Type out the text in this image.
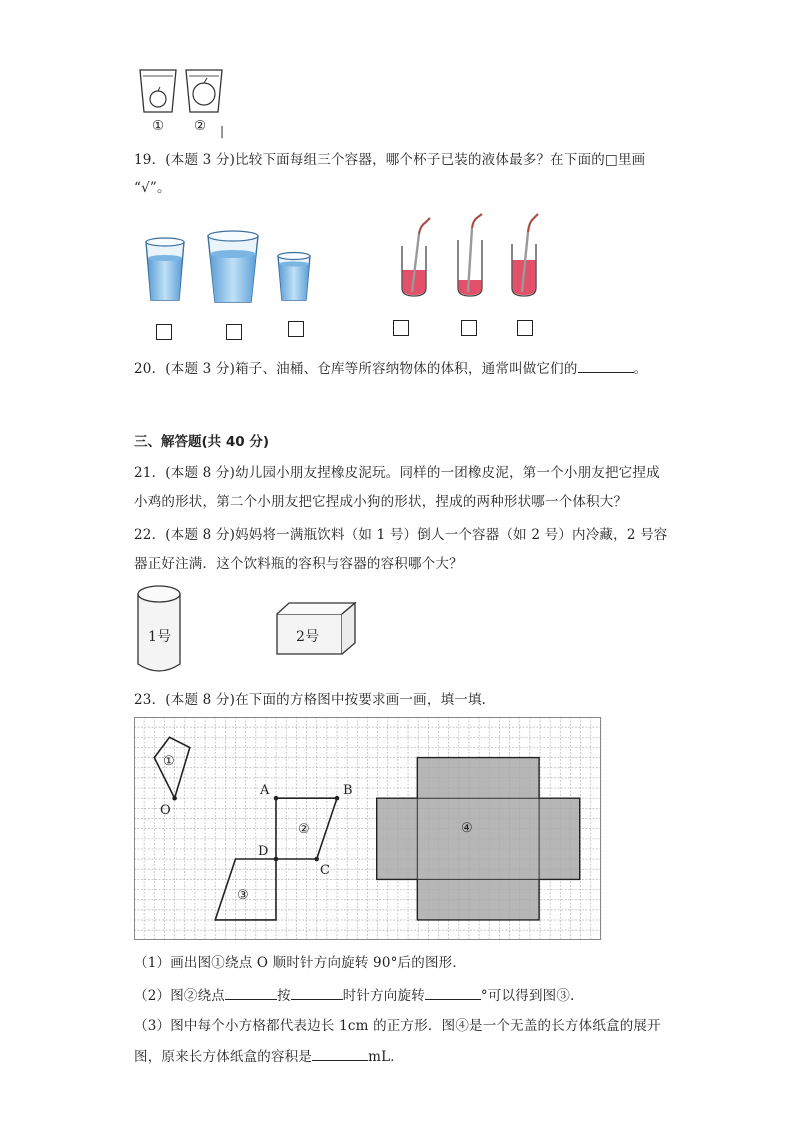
① ② |
19．(本题 3 分)比较下面每组三个容器，哪个杯子已装的液体最多？在下面的□里画
“√”。
20．(本题 3 分)箱子、油桶、仓库等所容纳物体的体积，通常叫做它们的	。
三、解答题(共 40 分)
21．(本题 8 分)幼儿园小朋友捏橡皮泥玩。同样的一团橡皮泥，第一个小朋友把它捏成
小鸡的形状，第二个小朋友把它捏成小狗的形状，捏成的两种形状哪一个体积大？
22．(本题 8 分)妈妈将一满瓶饮料（如 1 号）倒人一个容器（如 2 号）内冷藏，2 号容
器正好注满．这个饮料瓶的容积与容器的容积哪个大？
1号	2号
23．(本题 8 分)在下面的方格图中按要求画一画，填一填．
①
O
A	B
②
D
C
③
④
（1）画出图①绕点 O 顺时针方向旋转 90°后的图形．
（2）图②绕点	按	时针方向旋转	°可以得到图③.
（3）图中每个小方格都代表边长 1cm 的正方形．图④是一个无盖的长方体纸盒的展开
图，原来长方体纸盒的容积是	mL．
